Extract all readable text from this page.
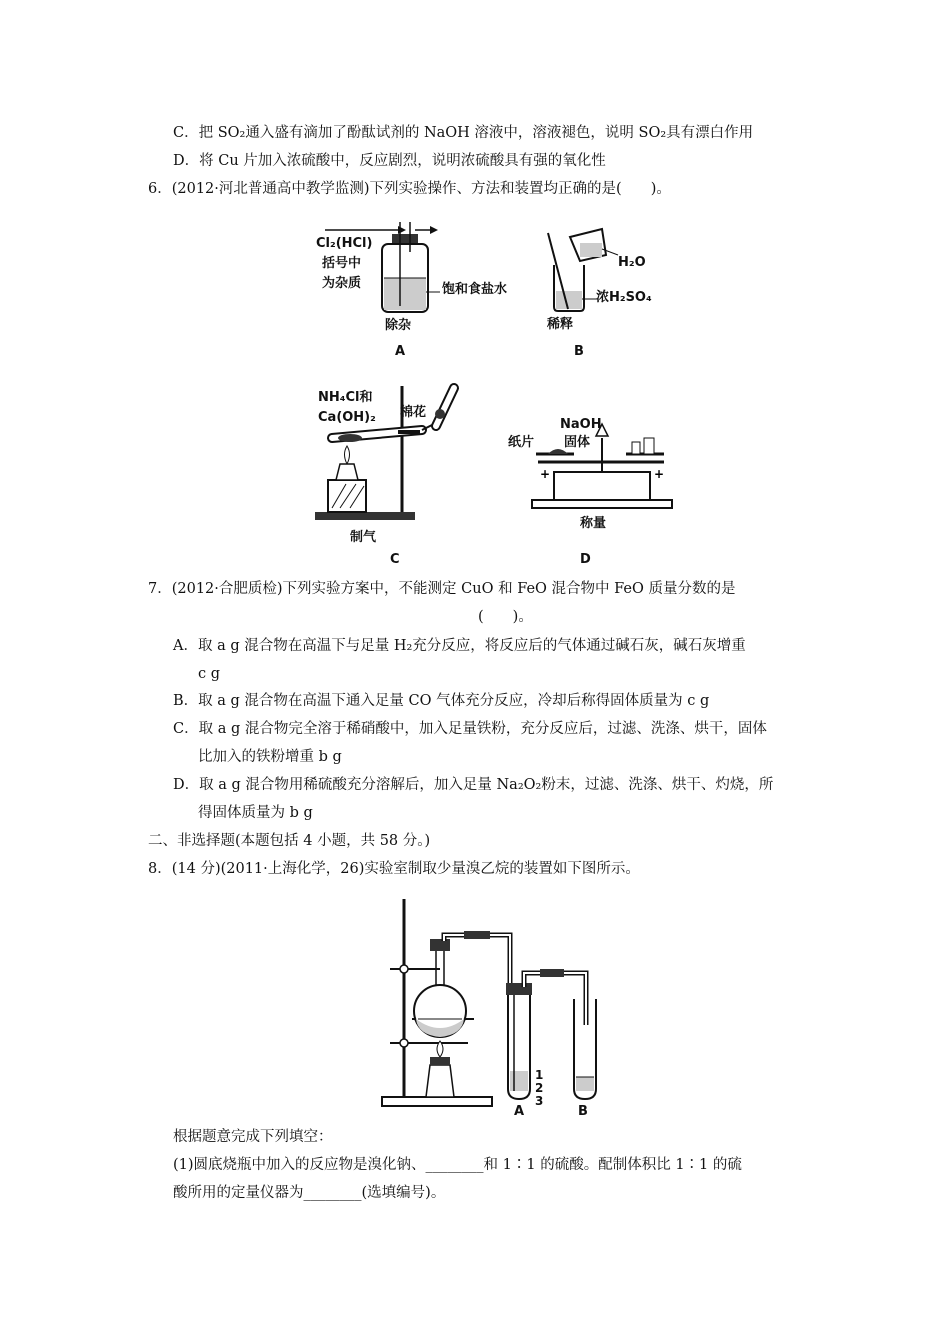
C．把 SO₂通入盛有滴加了酚酞试剂的 NaOH 溶液中，溶液褪色，说明 SO₂具有漂白作用
D．将 Cu 片加入浓硫酸中，反应剧烈，说明浓硫酸具有强的氧化性
6．(2012·河北普通高中教学监测)下列实验操作、方法和装置均正确的是(　　)。
Cl₂(HCl)
括号中
为杂质	饱和食盐水
除杂
A
H₂O
浓H₂SO₄
稀释
B
NH₄Cl和
Ca(OH)₂ 棉花
制气
C
+	+
NaOH
纸片 固体
称量
D
7．(2012·合肥质检)下列实验方案中，不能测定 CuO 和 FeO 混合物中 FeO 质量分数的是
(　　)。
A．取 a g 混合物在高温下与足量 H₂充分反应，将反应后的气体通过碱石灰，碱石灰增重
c g
B．取 a g 混合物在高温下通入足量 CO 气体充分反应，冷却后称得固体质量为 c g
C．取 a g 混合物完全溶于稀硝酸中，加入足量铁粉，充分反应后，过滤、洗涤、烘干，固体
比加入的铁粉增重 b g
D．取 a g 混合物用稀硫酸充分溶解后，加入足量 Na₂O₂粉末，过滤、洗涤、烘干、灼烧，所
得固体质量为 b g
二、非选择题(本题包括 4 小题，共 58 分。)
8．(14 分)(2011·上海化学，26)实验室制取少量溴乙烷的装置如下图所示。
1
2
3
A	B
根据题意完成下列填空：
(1)圆底烧瓶中加入的反应物是溴化钠、________和 1∶1 的硫酸。配制体积比 1∶1 的硫
酸所用的定量仪器为________(选填编号)。
